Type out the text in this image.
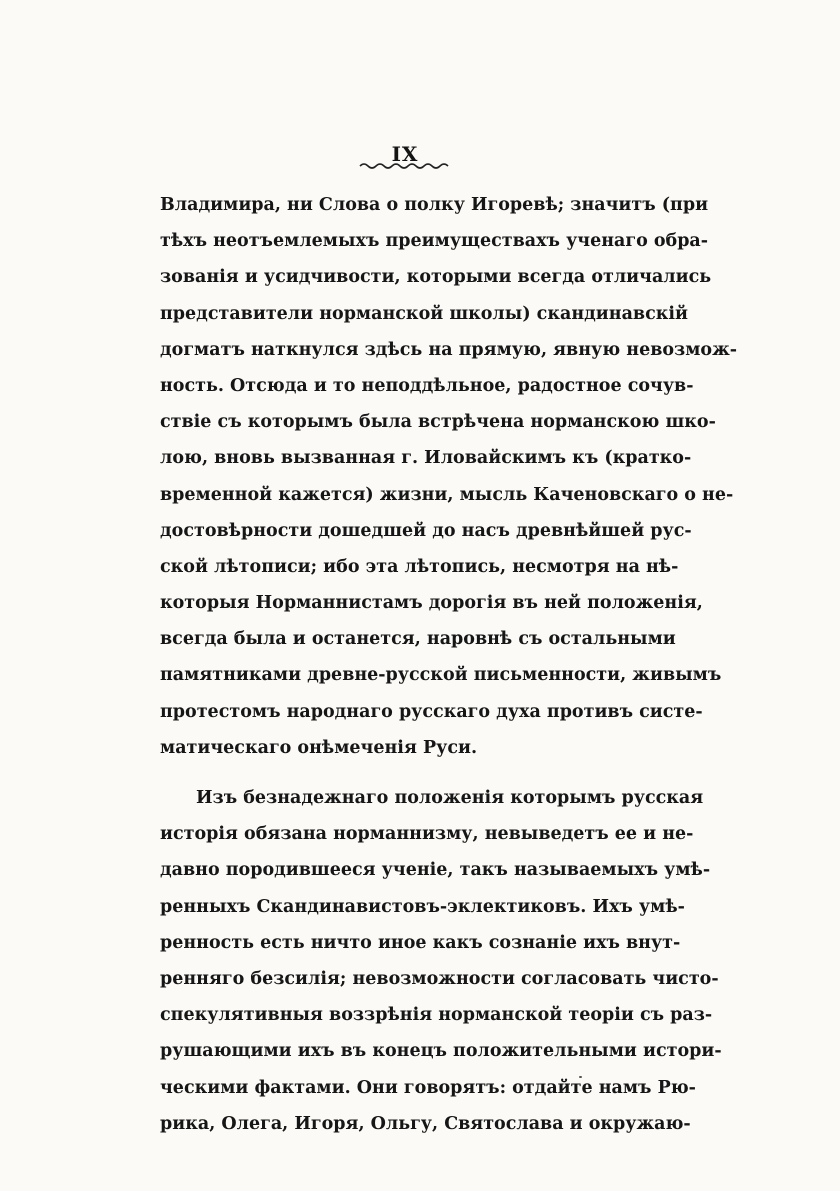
IX
Владимира, ни Слова о полку Игоревѣ; значитъ (при
тѣхъ неотъемлемыхъ преимуществахъ ученаго обра-
зованія и усидчивости, которыми всегда отличались
представители норманской школы) скандинавскій
догматъ наткнулся здѣсь на прямую, явную невозмож-
ность. Отсюда и то неподдѣльное, радостное сочув-
ствіе съ которымъ была встрѣчена норманскою шко-
лою, вновь вызванная г. Иловайскимъ къ (кратко-
временной кажется) жизни, мысль Каченовскаго о не-
достовѣрности дошедшей до насъ древнѣйшей рус-
ской лѣтописи; ибо эта лѣтопись, несмотря на нѣ-
которыя Норманнистамъ дорогія въ ней положенія,
всегда была и останется, наровнѣ съ остальными
памятниками древне-русской письменности, живымъ
протестомъ народнаго русскаго духа противъ систе-
матическаго онѣмеченія Руси.
Изъ безнадежнаго положенія которымъ русская
исторія обязана норманнизму, невыведетъ ее и не-
давно породившееся ученіе, такъ называемыхъ умѣ-
ренныхъ Скандинавистовъ-эклектиковъ. Ихъ умѣ-
ренность есть ничто иное какъ сознаніе ихъ внут-
ренняго безсилія; невозможности согласовать чисто-
спекулятивныя воззрѣнія норманской теоріи съ раз-
рушающими ихъ въ конецъ положительными истори-
ческими фактами. Они говорятъ: отдайте намъ Рю-
рика, Олега, Игоря, Ольгу, Святослава и окружаю-
